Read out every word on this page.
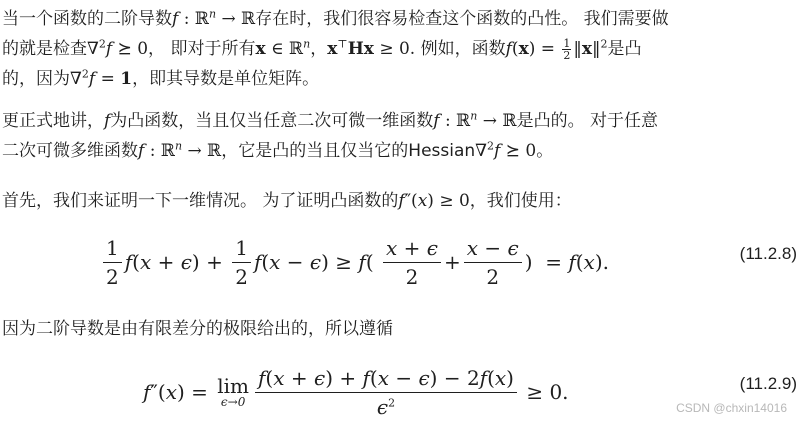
当一个函数的二阶导数f : ℝ$^n$ → ℝ存在时，我们很容易检查这个函数的凸性。 我们需要做
的就是检查∇$^2$f ⪰ 0， 即对于所有x ∈ ℝ$^n$，x⊤Hx ≥ 0. 例如，函数$f(x) = \frac{1}{2}$ ‖x‖$^2$是凸
的，因为∇$^2$f = 1，即其导数是单位矩阵。
更正式地讲，f为凸函数，当且仅当任意二次可微一维函数f : ℝ$^n$ → ℝ是凸的。 对于任意
二次可微多维函数f : ℝ$^n$ → ℝ，它是凸的当且仅当它的Hessian∇$^2$f ⪰ 0。
首先，我们来证明一下一维情况。 为了证明凸函数的f″(x) ≥ 0，我们使用：
$\frac{1}{2}$ f ( x + ϵ ) + $\frac{1}{2}$ f ( x − ϵ ) ≥ f ( $\frac{x + \epsilon}{2} + \frac{x - \epsilon}{2}$ )  = f ( x ).	(11.2.8)
因为二阶导数是由有限差分的极限给出的，所以遵循
f ″( x ) = lim
$\epsilon\to 0 \frac{f(x + \epsilon) + f(x - \epsilon) - 2f(x)}{\epsilon^2} \ge 0$.	(11.2.9)
CSDN @chxin14016
